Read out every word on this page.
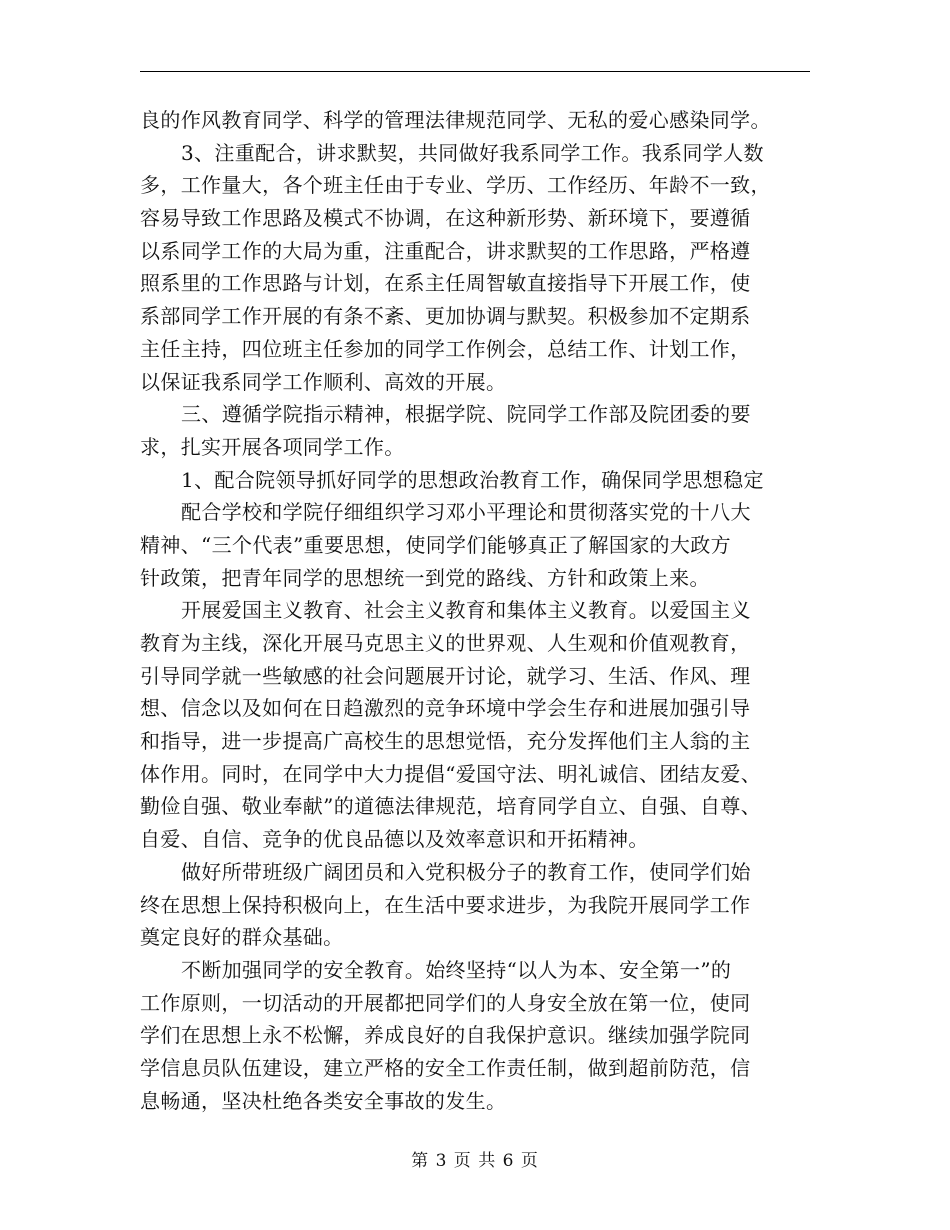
良的作风教育同学、科学的管理法律规范同学、无私的爱心感染同学。
3、注重配合，讲求默契，共同做好我系同学工作。我系同学人数
多，工作量大，各个班主任由于专业、学历、工作经历、年龄不一致，
容易导致工作思路及模式不协调，在这种新形势、新环境下，要遵循
以系同学工作的大局为重，注重配合，讲求默契的工作思路，严格遵
照系里的工作思路与计划，在系主任周智敏直接指导下开展工作，使
系部同学工作开展的有条不紊、更加协调与默契。积极参加不定期系
主任主持，四位班主任参加的同学工作例会，总结工作、计划工作，
以保证我系同学工作顺利、高效的开展。
三、遵循学院指示精神，根据学院、院同学工作部及院团委的要
求，扎实开展各项同学工作。
1、配合院领导抓好同学的思想政治教育工作，确保同学思想稳定
配合学校和学院仔细组织学习邓小平理论和贯彻落实党的十八大
精神、“三个代表”重要思想，使同学们能够真正了解国家的大政方
针政策，把青年同学的思想统一到党的路线、方针和政策上来。
开展爱国主义教育、社会主义教育和集体主义教育。以爱国主义
教育为主线，深化开展马克思主义的世界观、人生观和价值观教育，
引导同学就一些敏感的社会问题展开讨论，就学习、生活、作风、理
想、信念以及如何在日趋激烈的竞争环境中学会生存和进展加强引导
和指导，进一步提高广高校生的思想觉悟，充分发挥他们主人翁的主
体作用。同时，在同学中大力提倡“爱国守法、明礼诚信、团结友爱、
勤俭自强、敬业奉献”的道德法律规范，培育同学自立、自强、自尊、
自爱、自信、竞争的优良品德以及效率意识和开拓精神。
做好所带班级广阔团员和入党积极分子的教育工作，使同学们始
终在思想上保持积极向上，在生活中要求进步，为我院开展同学工作
奠定良好的群众基础。
不断加强同学的安全教育。始终坚持“以人为本、安全第一”的
工作原则，一切活动的开展都把同学们的人身安全放在第一位，使同
学们在思想上永不松懈，养成良好的自我保护意识。继续加强学院同
学信息员队伍建设，建立严格的安全工作责任制，做到超前防范，信
息畅通，坚决杜绝各类安全事故的发生。
第 3 页 共 6 页
